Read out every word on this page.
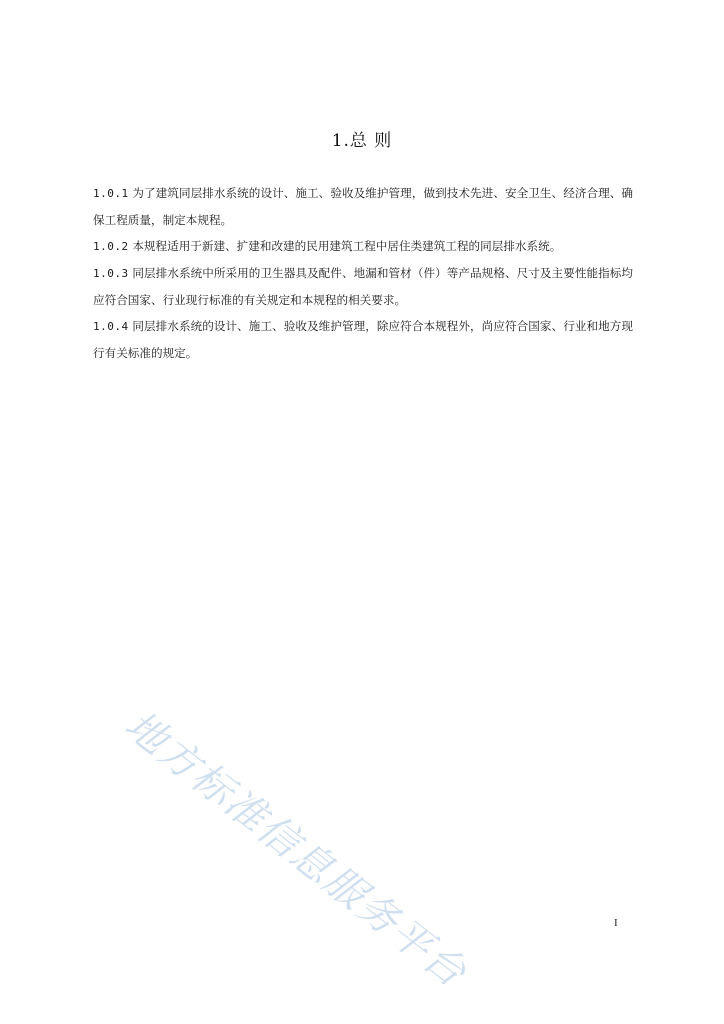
1.总 则

1.0.1 为了建筑同层排水系统的设计、施工、验收及维护管理，做到技术先进、安全卫生、经济合理、确保工程质量，制定本规程。

1.0.2 本规程适用于新建、扩建和改建的民用建筑工程中居住类建筑工程的同层排水系统。

1.0.3 同层排水系统中所采用的卫生器具及配件、地漏和管材（件）等产品规格、尺寸及主要性能指标均应符合国家、行业现行标准的有关规定和本规程的相关要求。

1.0.4 同层排水系统的设计、施工、验收及维护管理，除应符合本规程外，尚应符合国家、行业和地方现行有关标准的规定。

地方标准信息服务平台	I
